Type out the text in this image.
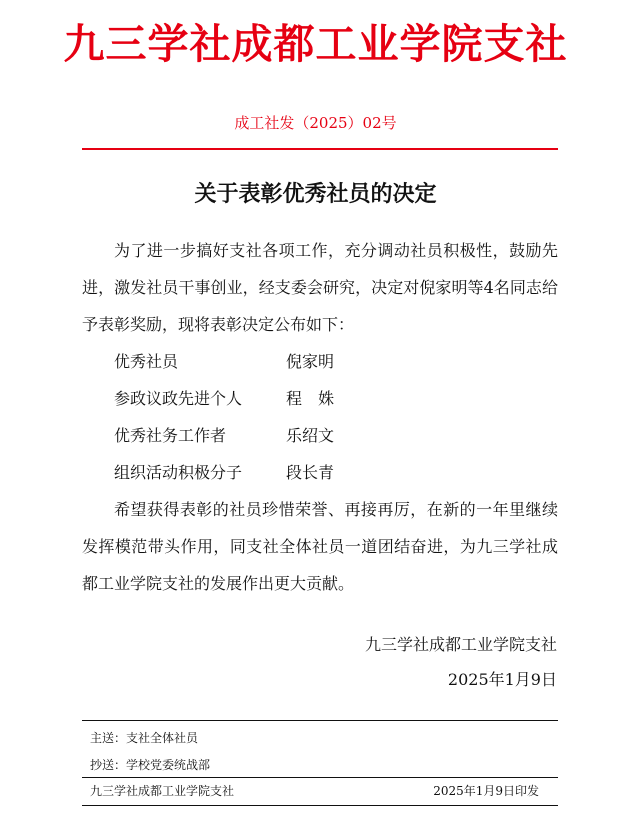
九三学社成都工业学院支社
成工社发（2025）02号
关于表彰优秀社员的决定

为了进一步搞好支社各项工作，充分调动社员积极性，鼓励先进，激发社员干事创业，经支委会研究，决定对倪家明等4名同志给予表彰奖励，现将表彰决定公布如下：

优秀社员	倪家明
参政议政先进个人	程　姝
优秀社务工作者	乐绍文
组织活动积极分子	段长青

希望获得表彰的社员珍惜荣誉、再接再厉，在新的一年里继续发挥模范带头作用，同支社全体社员一道团结奋进，为九三学社成都工业学院支社的发展作出更大贡献。

九三学社成都工业学院支社
2025年1月9日
主送：支社全体社员
抄送：学校党委统战部
九三学社成都工业学院支社	2025年1月9日印发
